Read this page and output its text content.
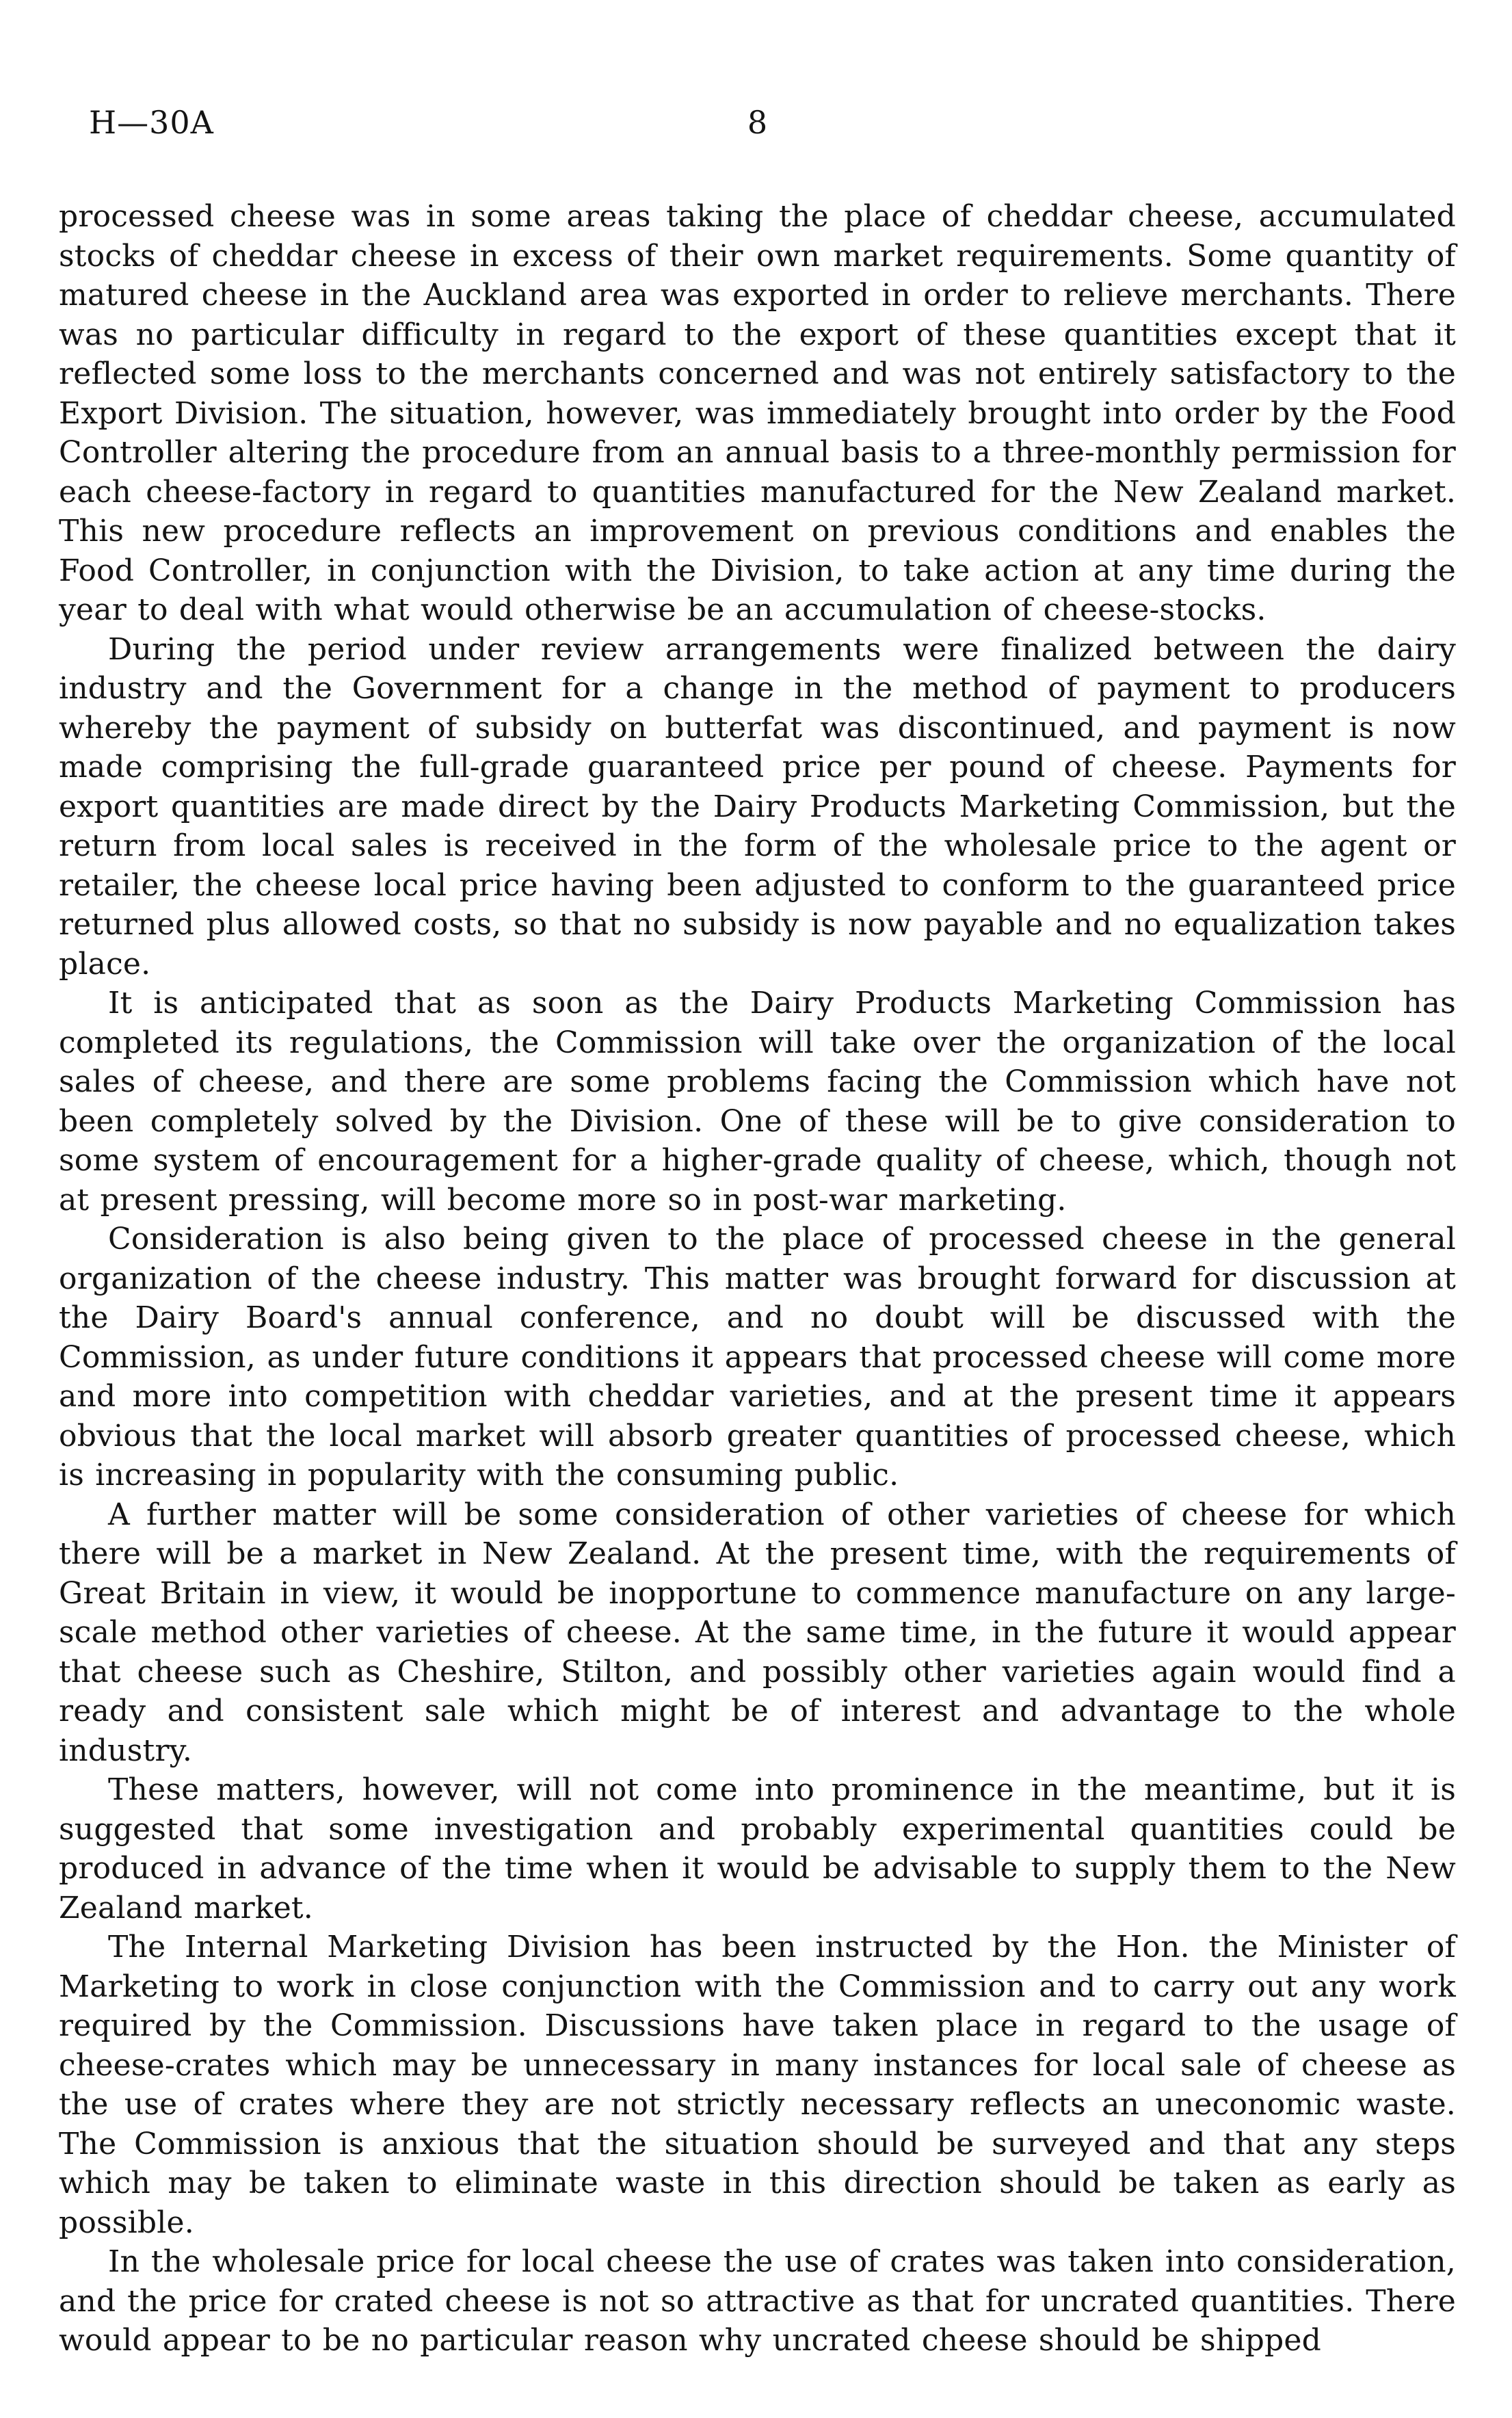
H—30A	8

processed cheese was in some areas taking the place of cheddar cheese, accumulated stocks of cheddar cheese in excess of their own market requirements. Some quantity of matured cheese in the Auckland area was exported in order to relieve merchants. There was no particular difficulty in regard to the export of these quantities except that it reflected some loss to the merchants concerned and was not entirely satisfactory to the Export Division. The situation, however, was immediately brought into order by the Food Controller altering the procedure from an annual basis to a three-monthly permission for each cheese-factory in regard to quantities manufactured for the New Zealand market. This new procedure reflects an improvement on previous conditions and enables the Food Controller, in conjunction with the Division, to take action at any time during the year to deal with what would otherwise be an accumulation of cheese-stocks.

During the period under review arrangements were finalized between the dairy industry and the Government for a change in the method of payment to producers whereby the payment of subsidy on butterfat was discontinued, and payment is now made comprising the full-grade guaranteed price per pound of cheese. Payments for export quantities are made direct by the Dairy Products Marketing Commission, but the return from local sales is received in the form of the wholesale price to the agent or retailer, the cheese local price having been adjusted to conform to the guaranteed price returned plus allowed costs, so that no subsidy is now payable and no equalization takes place.

It is anticipated that as soon as the Dairy Products Marketing Commission has completed its regulations, the Commission will take over the organization of the local sales of cheese, and there are some problems facing the Commission which have not been completely solved by the Division. One of these will be to give consideration to some system of encouragement for a higher-grade quality of cheese, which, though not at present pressing, will become more so in post-war marketing.

Consideration is also being given to the place of processed cheese in the general organization of the cheese industry. This matter was brought forward for discussion at the Dairy Board's annual conference, and no doubt will be discussed with the Commission, as under future conditions it appears that processed cheese will come more and more into competition with cheddar varieties, and at the present time it appears obvious that the local market will absorb greater quantities of processed cheese, which is increasing in popularity with the consuming public.

A further matter will be some consideration of other varieties of cheese for which there will be a market in New Zealand. At the present time, with the requirements of Great Britain in view, it would be inopportune to commence manufacture on any large-scale method other varieties of cheese. At the same time, in the future it would appear that cheese such as Cheshire, Stilton, and possibly other varieties again would find a ready and consistent sale which might be of interest and advantage to the whole industry.

These matters, however, will not come into prominence in the meantime, but it is suggested that some investigation and probably experimental quantities could be produced in advance of the time when it would be advisable to supply them to the New Zealand market.

The Internal Marketing Division has been instructed by the Hon. the Minister of Marketing to work in close conjunction with the Commission and to carry out any work required by the Commission. Discussions have taken place in regard to the usage of cheese-crates which may be unnecessary in many instances for local sale of cheese as the use of crates where they are not strictly necessary reflects an uneconomic waste. The Commission is anxious that the situation should be surveyed and that any steps which may be taken to eliminate waste in this direction should be taken as early as possible.

In the wholesale price for local cheese the use of crates was taken into consideration, and the price for crated cheese is not so attractive as that for uncrated quantities. There would appear to be no particular reason why uncrated cheese should be shipped
